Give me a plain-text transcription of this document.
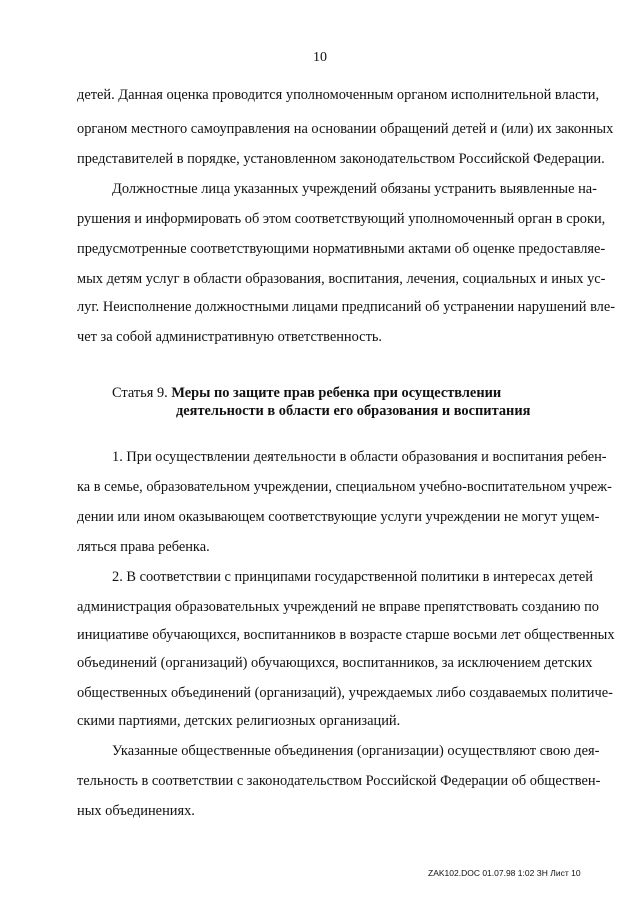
10
детей. Данная оценка проводится уполномоченным органом исполнительной власти,
органом местного самоуправления на основании обращений детей и (или) их законных
представителей в порядке, установленном законодательством Российской Федерации.
Должностные лица указанных учреждений обязаны устранить выявленные на-
рушения и информировать об этом соответствующий уполномоченный орган в сроки,
предусмотренные соответствующими нормативными актами об оценке предоставляе-
мых детям услуг в области образования, воспитания, лечения, социальных и иных ус-
луг. Неисполнение должностными лицами предписаний об устранении нарушений вле-
чет за собой административную ответственность.
Статья 9. Меры по защите прав ребенка при осуществлении
деятельности в области его образования и воспитания
1. При осуществлении деятельности в области образования и воспитания ребен-
ка в семье, образовательном учреждении, специальном учебно-воспитательном учреж-
дении или ином оказывающем соответствующие услуги учреждении не могут ущем-
ляться права ребенка.
2. В соответствии с принципами государственной политики в интересах детей
администрация образовательных учреждений не вправе препятствовать созданию по
инициативе обучающихся, воспитанников в возрасте старше восьми лет общественных
объединений (организаций) обучающихся, воспитанников, за исключением детских
общественных объединений (организаций), учреждаемых либо создаваемых политиче-
скими партиями, детских религиозных организаций.
Указанные общественные объединения (организации) осуществляют свою дея-
тельность в соответствии с законодательством Российской Федерации об обществен-
ных объединениях.
ZAK102.DOC 01.07.98 1:02 ЗН Лист 10
